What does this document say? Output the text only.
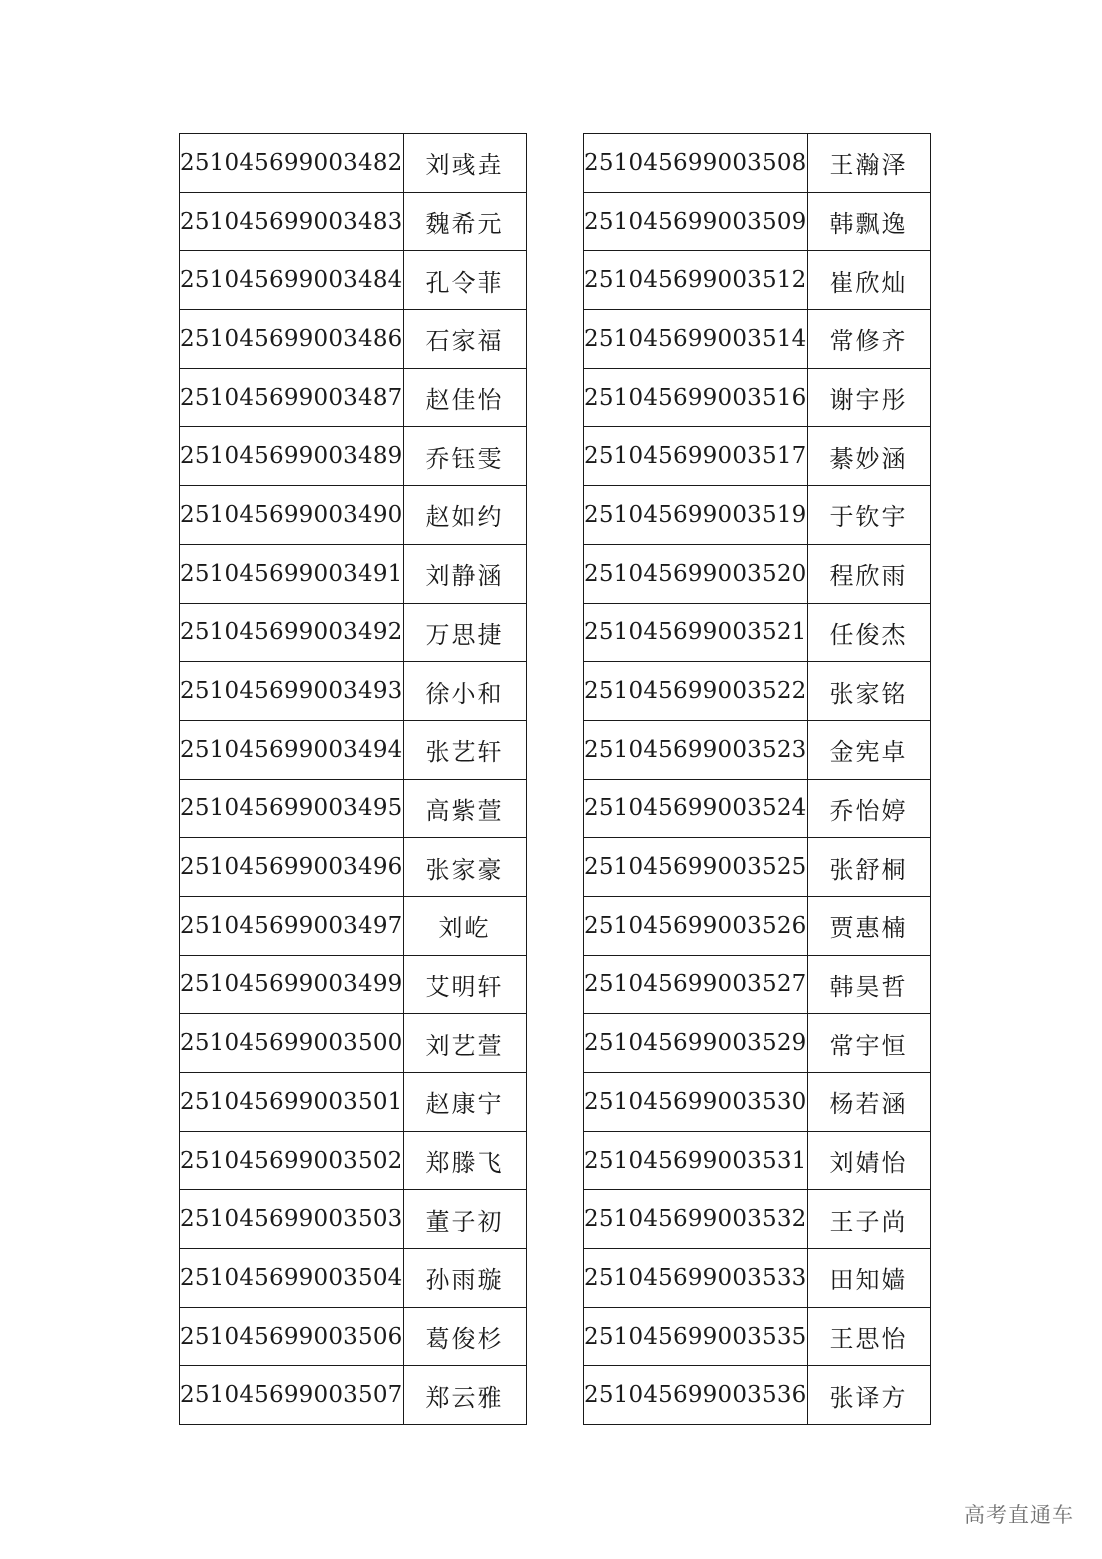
251045699003482	刘彧垚
251045699003483	魏希元
251045699003484	孔令菲
251045699003486	石家福
251045699003487	赵佳怡
251045699003489	乔钰雯
251045699003490	赵如约
251045699003491	刘静涵
251045699003492	万思捷
251045699003493	徐小和
251045699003494	张艺轩
251045699003495	高紫萱
251045699003496	张家豪
251045699003497	刘屹
251045699003499	艾明轩
251045699003500	刘艺萱
251045699003501	赵康宁
251045699003502	郑滕飞
251045699003503	董子初
251045699003504	孙雨璇
251045699003506	葛俊杉
251045699003507	郑云雅
251045699003508	王瀚泽
251045699003509	韩飘逸
251045699003512	崔欣灿
251045699003514	常修齐
251045699003516	谢宇彤
251045699003517	綦妙涵
251045699003519	于钦宇
251045699003520	程欣雨
251045699003521	任俊杰
251045699003522	张家铭
251045699003523	金宪卓
251045699003524	乔怡婷
251045699003525	张舒桐
251045699003526	贾惠楠
251045699003527	韩昊哲
251045699003529	常宇恒
251045699003530	杨若涵
251045699003531	刘婧怡
251045699003532	王子尚
251045699003533	田知嫱
251045699003535	王思怡
251045699003536	张译方
高考直通车
